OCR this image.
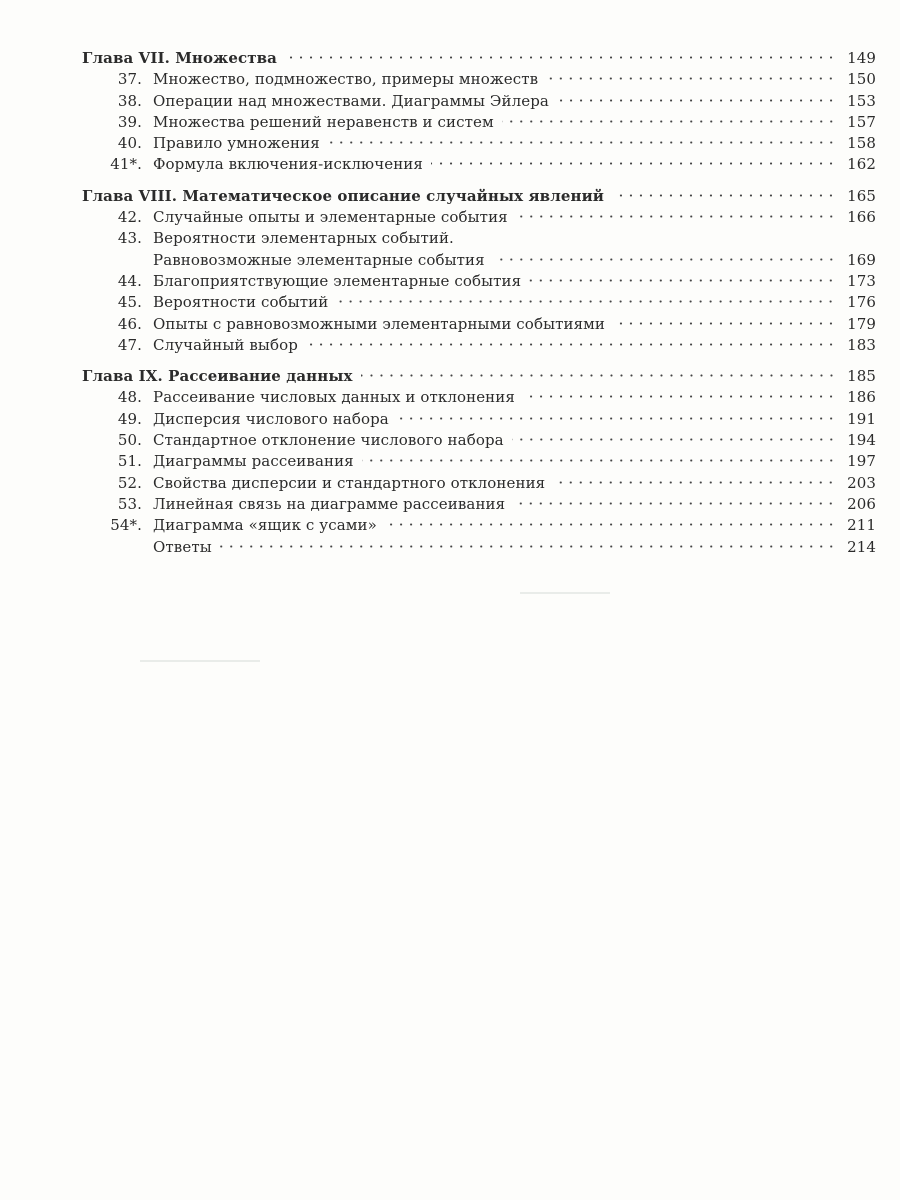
Глава VII. Множества	149
37. Множество, подмножество, примеры множеств	150
38. Операции над множествами. Диаграммы Эйлера	153
39. Множества решений неравенств и систем	157
40. Правило умножения	158
41*. Формула включения-исключения	162
Глава VIII. Математическое описание случайных явлений	165
42. Случайные опыты и элементарные события	166
43. Вероятности элементарных событий.
Равновозможные элементарные события	169
44. Благоприятствующие элементарные события	173
45. Вероятности событий	176
46. Опыты с равновозможными элементарными событиями	179
47. Случайный выбор	183
Глава IX. Рассеивание данных	185
48. Рассеивание числовых данных и отклонения	186
49. Дисперсия числового набора	191
50. Стандартное отклонение числового набора	194
51. Диаграммы рассеивания	197
52. Свойства дисперсии и стандартного отклонения	203
53. Линейная связь на диаграмме рассеивания	206
54*. Диаграмма «ящик с усами»	211
Ответы	214
